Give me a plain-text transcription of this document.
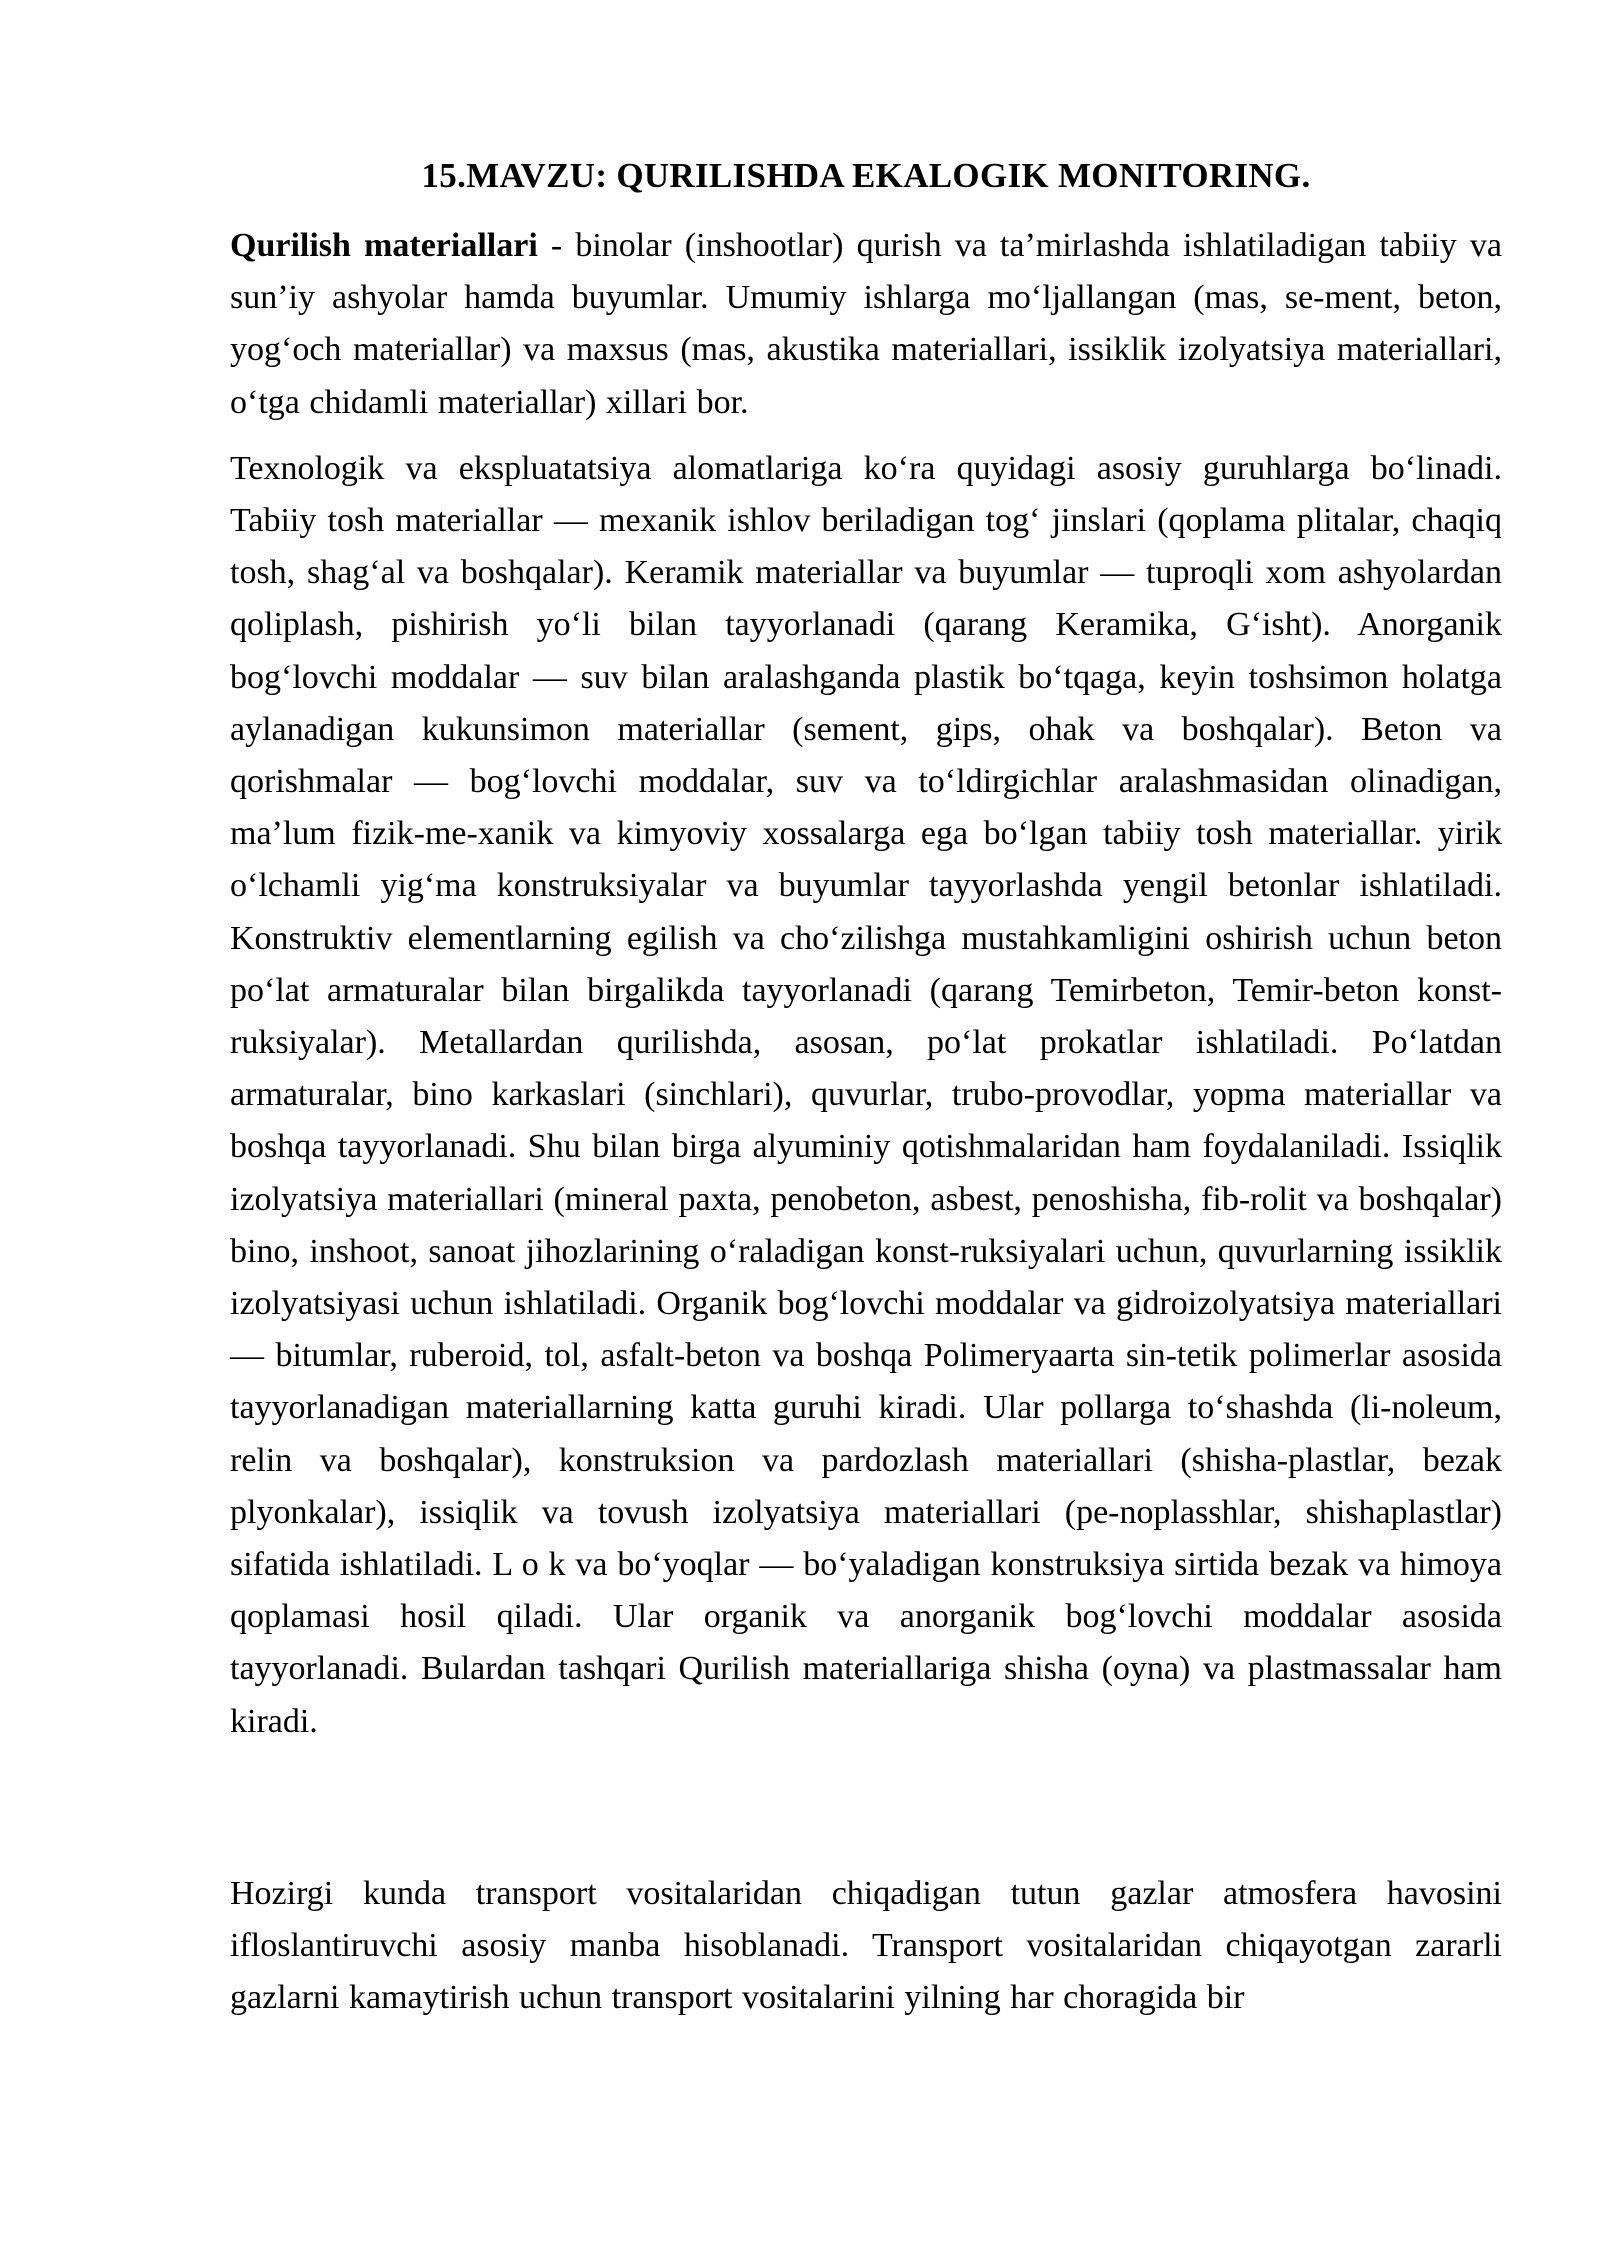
15.MAVZU: QURILISHDA EKALOGIK MONITORING.

Qurilish materiallari - binolar (inshootlar) qurish va taʼmirlashda ishlatiladigan tabiiy va sunʼiy ashyolar hamda buyumlar. Umumiy ishlarga moʻljallangan (mas, se-ment, beton, yogʻoch materiallar) va maxsus (mas, akustika materiallari, issiklik izolyatsiya materiallari, oʻtga chidamli materiallar) xillari bor.

Texnologik va ekspluatatsiya alomatlariga koʻra quyidagi asosiy guruhlarga boʻlinadi. Tabiiy tosh materiallar — mexanik ishlov beriladigan togʻ jinslari (qoplama plitalar, chaqiq tosh, shagʻal va boshqalar). Keramik materiallar va buyumlar — tuproqli xom ashyolardan qoliplash, pishirish yoʻli bilan tayyorlanadi (qarang Keramika, Gʻisht). Anorganik bogʻlovchi moddalar — suv bilan aralashganda plastik boʻtqaga, keyin toshsimon holatga aylanadigan kukunsimon materiallar (sement, gips, ohak va boshqalar). Beton va qorishmalar — bogʻlovchi moddalar, suv va toʻldirgichlar aralashmasidan olinadigan, maʼlum fizik-me-xanik va kimyoviy xossalarga ega boʻlgan tabiiy tosh materiallar. yirik oʻlchamli yigʻma konstruksiyalar va buyumlar tayyorlashda yengil betonlar ishlatiladi. Konstruktiv elementlarning egilish va choʻzilishga mustahkamligini oshirish uchun beton poʻlat armaturalar bilan birgalikda tayyorlanadi (qarang Temirbeton, Temir-beton konst-ruksiyalar). Metallardan qurilishda, asosan, poʻlat prokatlar ishlatiladi. Poʻlatdan armaturalar, bino karkaslari (sinchlari), quvurlar, trubo-provodlar, yopma materiallar va boshqa tayyorlanadi. Shu bilan birga alyuminiy qotishmalaridan ham foydalaniladi. Issiqlik izolyatsiya materiallari (mineral paxta, penobeton, asbest, penoshisha, fib-rolit va boshqalar) bino, inshoot, sanoat jihozlarining oʻraladigan konst-ruksiyalari uchun, quvurlarning issiklik izolyatsiyasi uchun ishlatiladi. Organik bogʻlovchi moddalar va gidroizolyatsiya materiallari — bitumlar, ruberoid, tol, asfalt-beton va boshqa Polimeryaarta sin-tetik polimerlar asosida tayyorlanadigan materiallarning katta guruhi kiradi. Ular pollarga toʻshashda (li-noleum, relin va boshqalar), konstruksion va pardozlash materiallari (shisha-plastlar, bezak plyonkalar), issiqlik va tovush izolyatsiya materiallari (pe-noplasshlar, shishaplastlar) sifatida ishlatiladi. L o k va boʻyoqlar — boʻyaladigan konstruksiya sirtida bezak va himoya qoplamasi hosil qiladi. Ular organik va anorganik bogʻlovchi moddalar asosida tayyorlanadi. Bulardan tashqari Qurilish materiallariga shisha (oyna) va plastmassalar ham kiradi.

Hozirgi kunda transport vositalaridan chiqadigan tutun gazlar atmosfera havosini ifloslantiruvchi asosiy manba hisoblanadi. Transport vositalaridan chiqayotgan zararli gazlarni kamaytirish uchun transport vositalarini yilning har choragida bir
